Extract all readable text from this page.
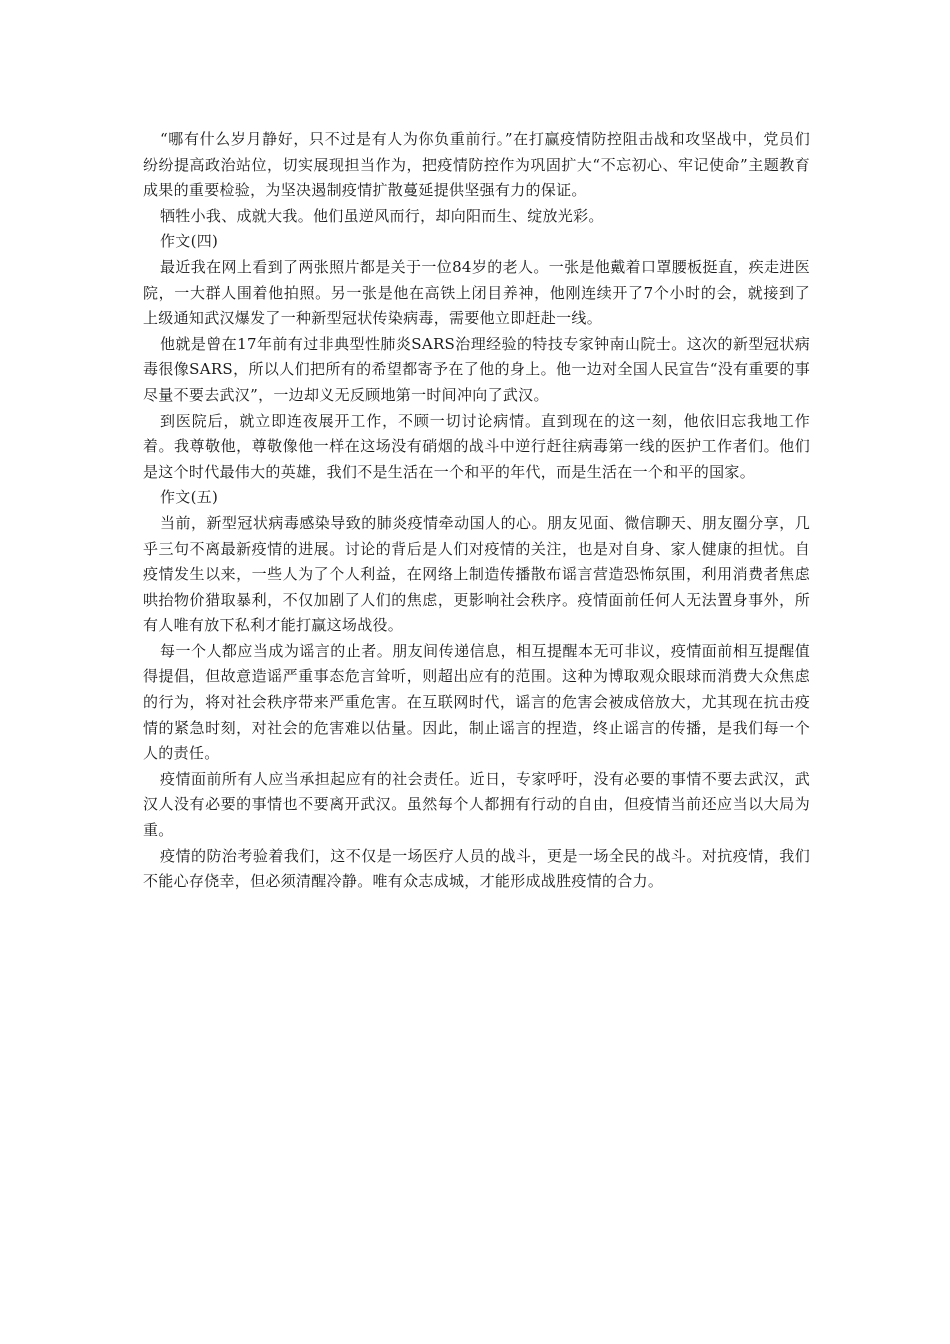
“哪有什么岁月静好，只不过是有人为你负重前行。”在打赢疫情防控阻击战和攻坚战中，党员们纷纷提高政治站位，切实展现担当作为，把疫情防控作为巩固扩大“不忘初心、牢记使命”主题教育成果的重要检验，为坚决遏制疫情扩散蔓延提供坚强有力的保证。

牺牲小我、成就大我。他们虽逆风而行，却向阳而生、绽放光彩。

作文(四)

最近我在网上看到了两张照片都是关于一位84岁的老人。一张是他戴着口罩腰板挺直，疾走进医院，一大群人围着他拍照。另一张是他在高铁上闭目养神，他刚连续开了7个小时的会，就接到了上级通知武汉爆发了一种新型冠状传染病毒，需要他立即赶赴一线。

他就是曾在17年前有过非典型性肺炎SARS治理经验的特技专家钟南山院士。这次的新型冠状病毒很像SARS，所以人们把所有的希望都寄予在了他的身上。他一边对全国人民宣告“没有重要的事尽量不要去武汉”，一边却义无反顾地第一时间冲向了武汉。

到医院后，就立即连夜展开工作，不顾一切讨论病情。直到现在的这一刻，他依旧忘我地工作着。我尊敬他，尊敬像他一样在这场没有硝烟的战斗中逆行赶往病毒第一线的医护工作者们。他们是这个时代最伟大的英雄，我们不是生活在一个和平的年代，而是生活在一个和平的国家。

作文(五)

当前，新型冠状病毒感染导致的肺炎疫情牵动国人的心。朋友见面、微信聊天、朋友圈分享，几乎三句不离最新疫情的进展。讨论的背后是人们对疫情的关注，也是对自身、家人健康的担忧。自疫情发生以来，一些人为了个人利益，在网络上制造传播散布谣言营造恐怖氛围，利用消费者焦虑哄抬物价猎取暴利，不仅加剧了人们的焦虑，更影响社会秩序。疫情面前任何人无法置身事外，所有人唯有放下私利才能打赢这场战役。

每一个人都应当成为谣言的止者。朋友间传递信息，相互提醒本无可非议，疫情面前相互提醒值得提倡，但故意造谣严重事态危言耸听，则超出应有的范围。这种为博取观众眼球而消费大众焦虑的行为，将对社会秩序带来严重危害。在互联网时代，谣言的危害会被成倍放大，尤其现在抗击疫情的紧急时刻，对社会的危害难以估量。因此，制止谣言的捏造，终止谣言的传播，是我们每一个人的责任。

疫情面前所有人应当承担起应有的社会责任。近日，专家呼吁，没有必要的事情不要去武汉，武汉人没有必要的事情也不要离开武汉。虽然每个人都拥有行动的自由，但疫情当前还应当以大局为重。

疫情的防治考验着我们，这不仅是一场医疗人员的战斗，更是一场全民的战斗。对抗疫情，我们不能心存侥幸，但必须清醒冷静。唯有众志成城，才能形成战胜疫情的合力。
